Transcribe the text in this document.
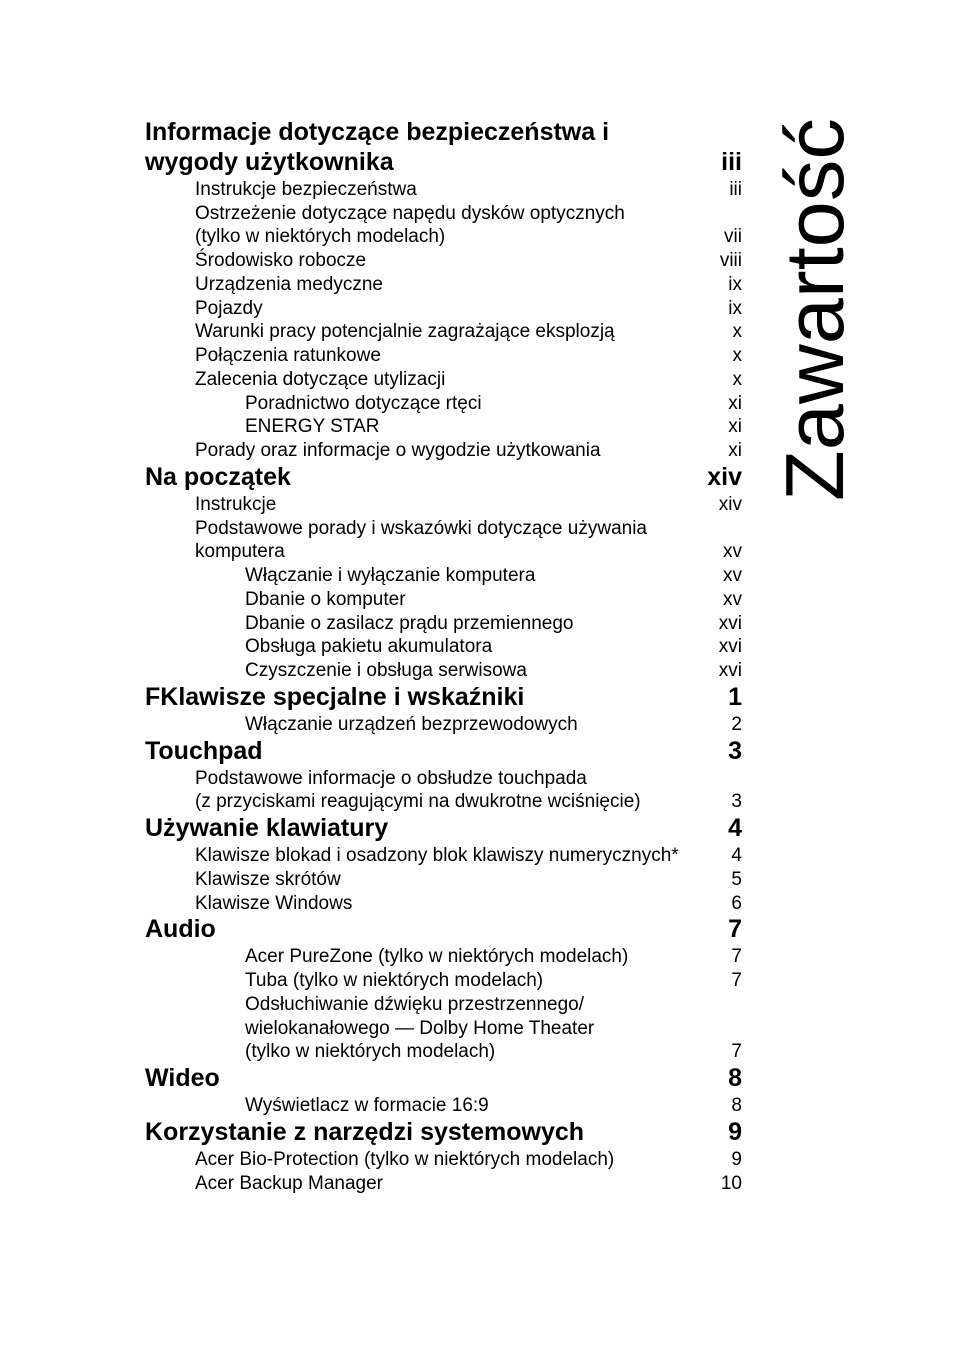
Zawartość
Informacje dotyczące bezpieczeństwa i
wygody użytkownika	iii
Instrukcje bezpieczeństwa	iii
Ostrzeżenie dotyczące napędu dysków optycznych
(tylko w niektórych modelach)	vii
Środowisko robocze	viii
Urządzenia medyczne	ix
Pojazdy	ix
Warunki pracy potencjalnie zagrażające eksplozją	x
Połączenia ratunkowe	x
Zalecenia dotyczące utylizacji	x
Poradnictwo dotyczące rtęci	xi
ENERGY STAR	xi
Porady oraz informacje o wygodzie użytkowania	xi
Na początek	xiv
Instrukcje	xiv
Podstawowe porady i wskazówki dotyczące używania
komputera	xv
Włączanie i wyłączanie komputera	xv
Dbanie o komputer	xv
Dbanie o zasilacz prądu przemiennego	xvi
Obsługa pakietu akumulatora	xvi
Czyszczenie i obsługa serwisowa	xvi
FKlawisze specjalne i wskaźniki	1
Włączanie urządzeń bezprzewodowych	2
Touchpad	3
Podstawowe informacje o obsłudze touchpada
(z przyciskami reagującymi na dwukrotne wciśnięcie)	3
Używanie klawiatury	4
Klawisze blokad i osadzony blok klawiszy numerycznych*	4
Klawisze skrótów	5
Klawisze Windows	6
Audio	7
Acer PureZone (tylko w niektórych modelach)	7
Tuba (tylko w niektórych modelach)	7
Odsłuchiwanie dźwięku przestrzennego/
wielokanałowego — Dolby Home Theater
(tylko w niektórych modelach)	7
Wideo	8
Wyświetlacz w formacie 16:9	8
Korzystanie z narzędzi systemowych	9
Acer Bio-Protection (tylko w niektórych modelach)	9
Acer Backup Manager	10
